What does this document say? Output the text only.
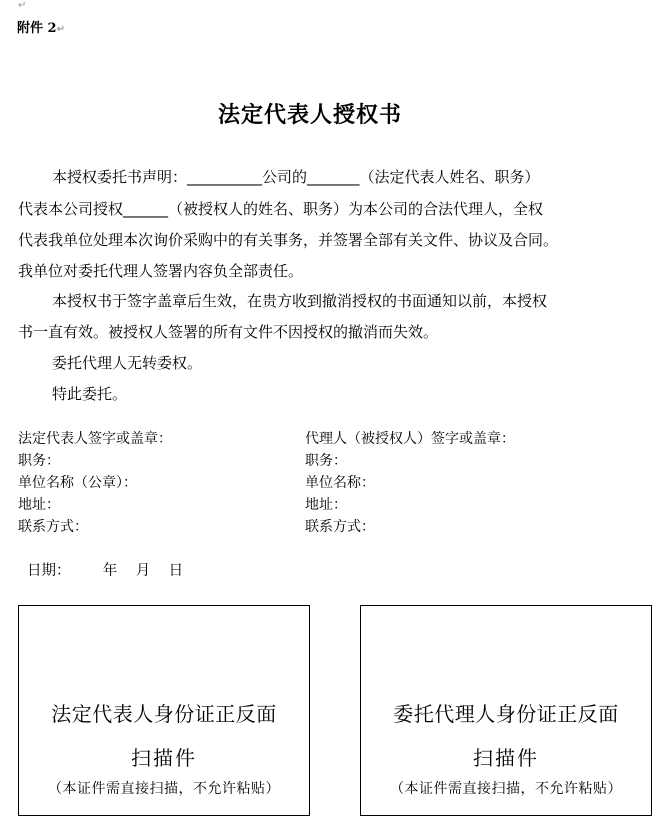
↵
附件 2↵
法定代表人授权书
本授权委托书声明：__________公司的_______（法定代表人姓名、职务）
代表本公司授权______（被授权人的姓名、职务）为本公司的合法代理人，全权
代表我单位处理本次询价采购中的有关事务，并签署全部有关文件、协议及合同。
我单位对委托代理人签署内容负全部责任。
本授权书于签字盖章后生效，在贵方收到撤消授权的书面通知以前，本授权
书一直有效。被授权人签署的所有文件不因授权的撤消而失效。
委托代理人无转委权。
特此委托。
法定代表人签字或盖章：
职务：
单位名称（公章）：
地址：
联系方式：
代理人（被授权人）签字或盖章：
职务：
单位名称：
地址：
联系方式：
日期：       年    月    日
法定代表人身份证正反面
扫描件
（本证件需直接扫描，不允许粘贴）
委托代理人身份证正反面
扫描件
（本证件需直接扫描，不允许粘贴）
